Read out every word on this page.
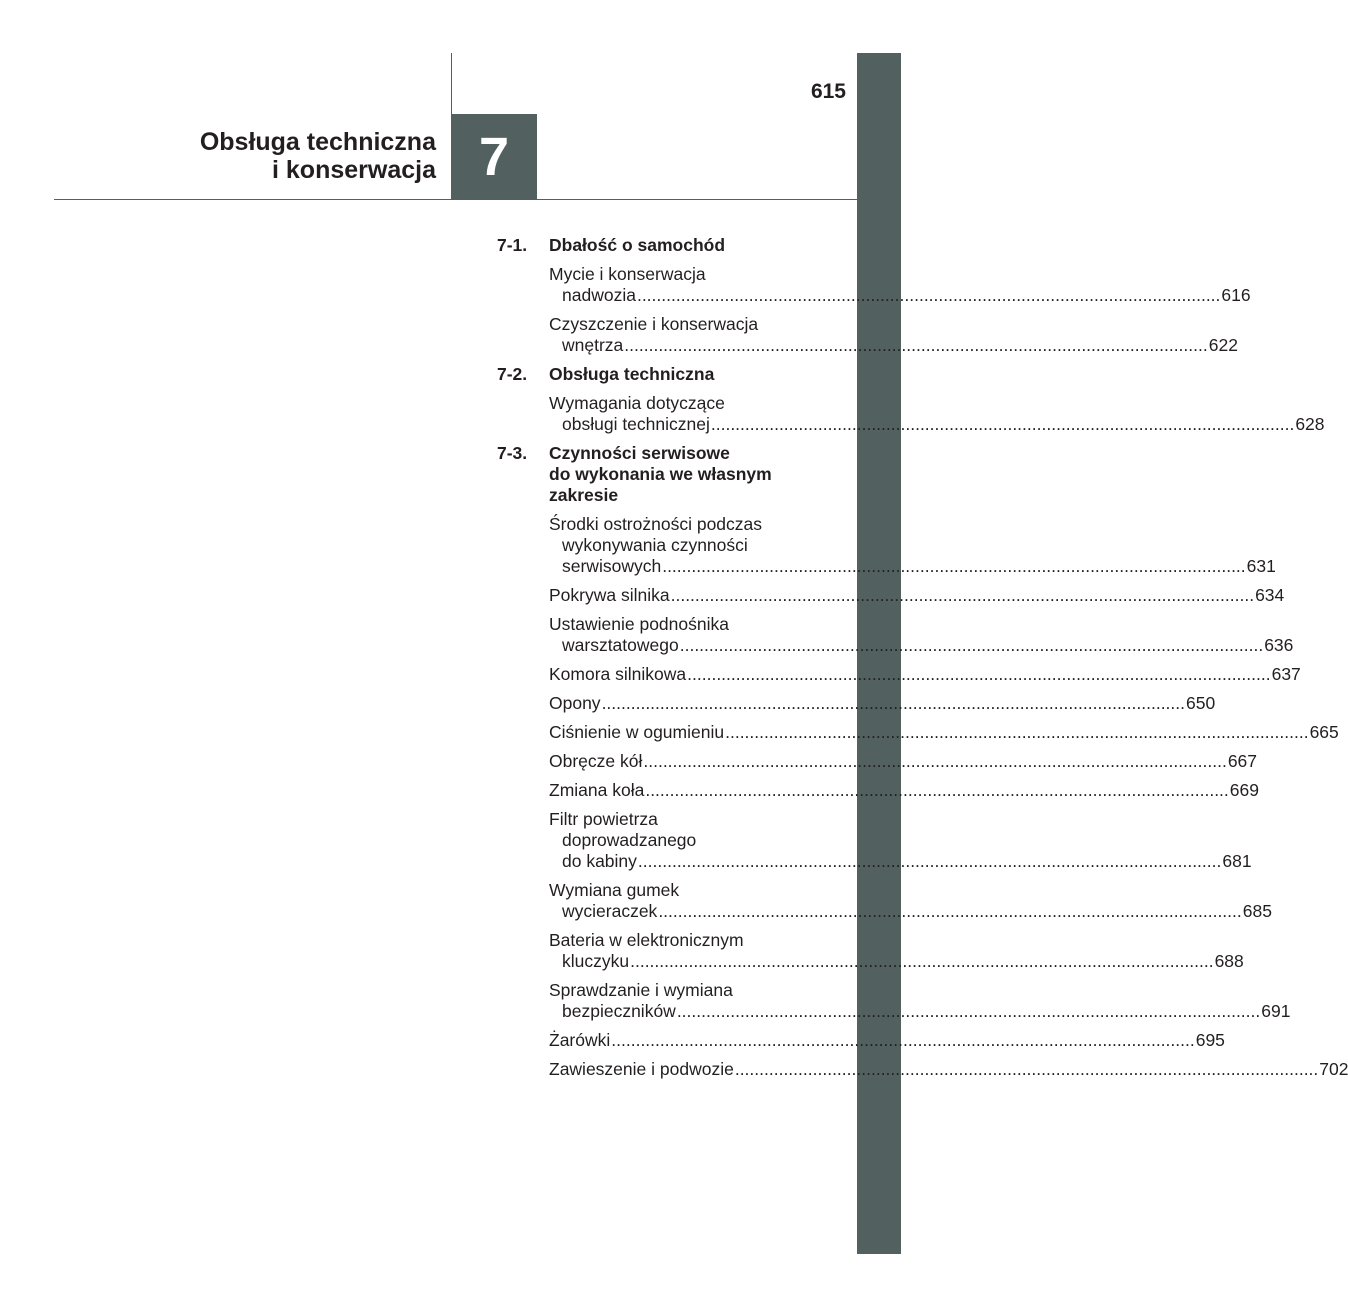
615
7
Obsługa techniczna
i konserwacja
7-1. Dbałość o samochód
Mycie i konserwacja
nadwozia ........................................................................................................................ 616
Czyszczenie i konserwacja
wnętrza ........................................................................................................................ 622
7-2. Obsługa techniczna
Wymagania dotyczące
obsługi technicznej ........................................................................................................................ 628
7-3. Czynności serwisowe
do wykonania we własnym
zakresie
Środki ostrożności podczas
wykonywania czynności
serwisowych ........................................................................................................................ 631
Pokrywa silnika ........................................................................................................................ 634
Ustawienie podnośnika
warsztatowego ........................................................................................................................ 636
Komora silnikowa ........................................................................................................................ 637
Opony ........................................................................................................................ 650
Ciśnienie w ogumieniu ........................................................................................................................ 665
Obręcze kół ........................................................................................................................ 667
Zmiana koła ........................................................................................................................ 669
Filtr powietrza
doprowadzanego
do kabiny ........................................................................................................................ 681
Wymiana gumek
wycieraczek ........................................................................................................................ 685
Bateria w elektronicznym
kluczyku ........................................................................................................................ 688
Sprawdzanie i wymiana
bezpieczników ........................................................................................................................ 691
Żarówki ........................................................................................................................ 695
Zawieszenie i podwozie ........................................................................................................................ 702
